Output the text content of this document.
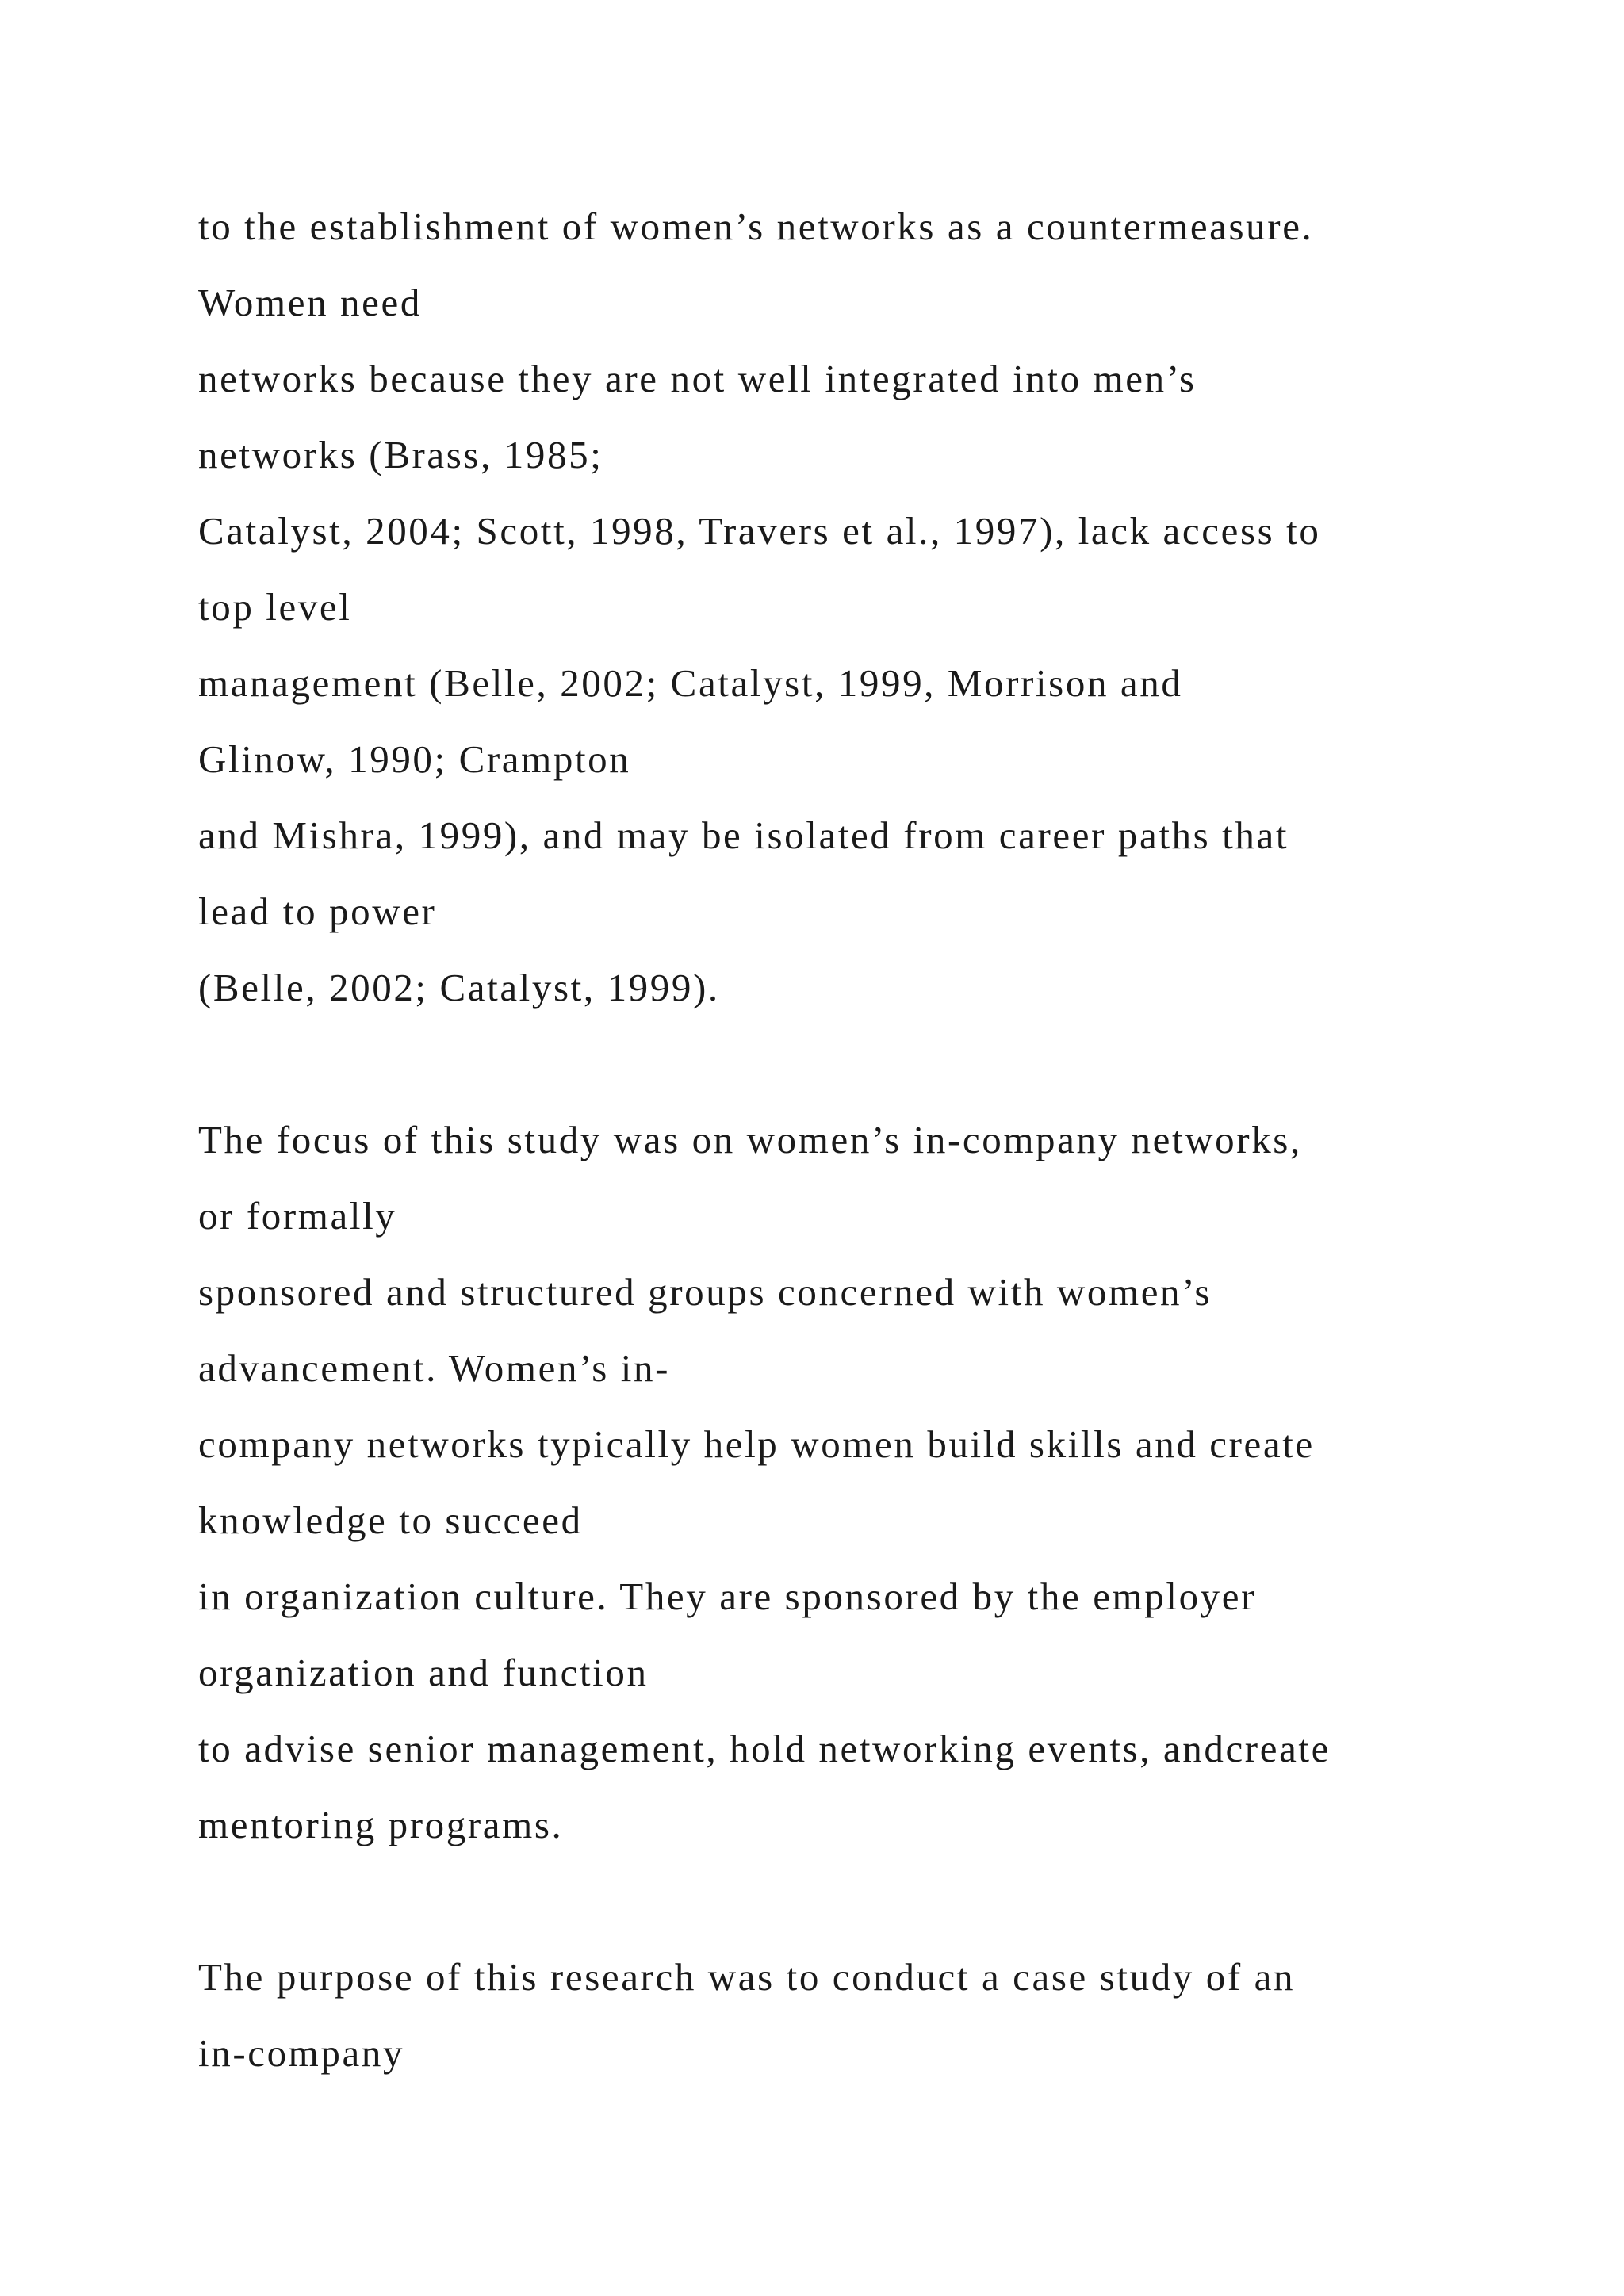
to the establishment of women’s networks as a countermeasure.
Women need
networks because they are not well integrated into men’s
networks (Brass, 1985;
Catalyst, 2004; Scott, 1998, Travers et al., 1997), lack access to
top level
management (Belle, 2002; Catalyst, 1999, Morrison and
Glinow, 1990; Crampton
and Mishra, 1999), and may be isolated from career paths that
lead to power
(Belle, 2002; Catalyst, 1999).
The focus of this study was on women’s in-company networks,
or formally
sponsored and structured groups concerned with women’s
advancement. Women’s in-
company networks typically help women build skills and create
knowledge to succeed
in organization culture. They are sponsored by the employer
organization and function
to advise senior management, hold networking events, andcreate
mentoring programs.
The purpose of this research was to conduct a case study of an
in-company
